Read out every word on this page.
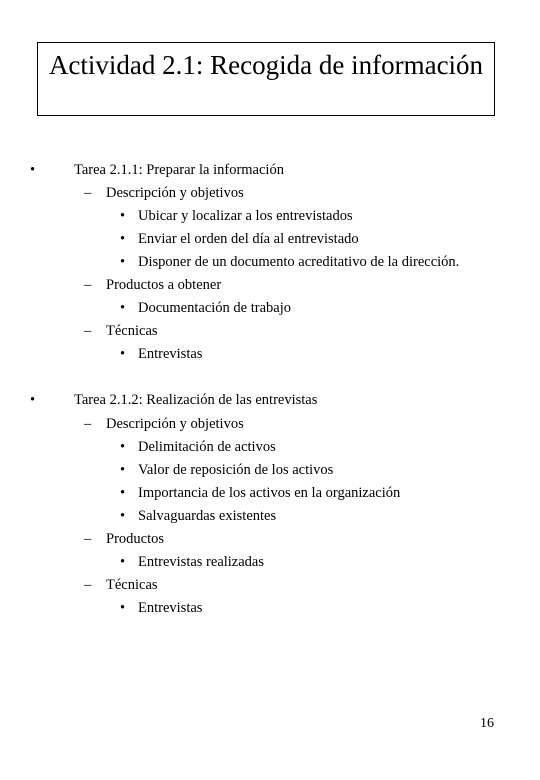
Actividad 2.1: Recogida de información
•	Tarea 2.1.1: Preparar la información
– Descripción y objetivos
• Ubicar y localizar a los entrevistados
• Enviar el orden del día al entrevistado
• Disponer de un documento acreditativo de la dirección.
– Productos a obtener
• Documentación de trabajo
– Técnicas
• Entrevistas
•	Tarea 2.1.2: Realización de las entrevistas
– Descripción y objetivos
• Delimitación de activos
• Valor de reposición de los activos
• Importancia de los activos en la organización
• Salvaguardas existentes
– Productos
• Entrevistas realizadas
– Técnicas
• Entrevistas
16
